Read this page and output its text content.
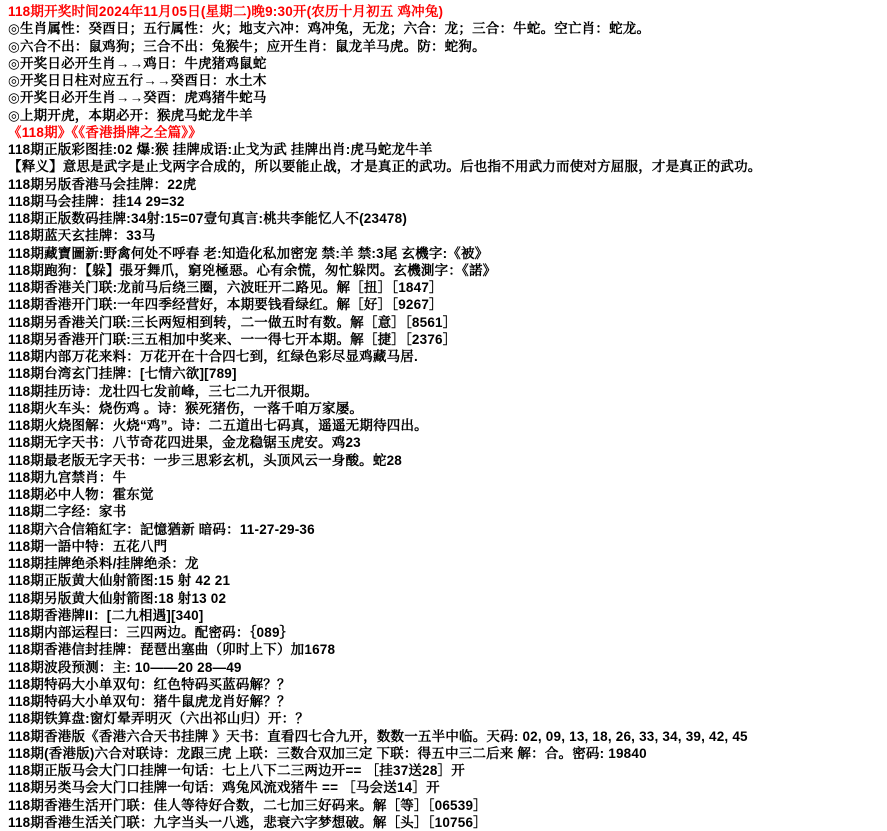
118期开奖时间2024年11月05日(星期二)晚9:30开(农历十月初五 鸡冲兔)
◎生肖属性：癸酉日；五行属性：火；地支六冲：鸡冲兔，无龙；六合：龙；三合：牛蛇。空亡肖：蛇龙。
◎六合不出：鼠鸡狗；三合不出：兔猴牛；应开生肖：鼠龙羊马虎。防：蛇狗。
◎开奖日必开生肖→→鸡日：牛虎猪鸡鼠蛇
◎开奖日日柱对应五行→→癸酉日：水土木
◎开奖日必开生肖→→癸酉：虎鸡猪牛蛇马
◎上期开虎，本期必开：猴虎马蛇龙牛羊
《118期》《《香港掛牌之全篇》》
118期正版彩图挂:02 爆:猴 挂牌成语:止戈为武 挂牌出肖:虎马蛇龙牛羊
【释义】意思是武字是止戈两字合成的，所以要能止战，才是真正的武功。后也指不用武力而使对方屈服，才是真正的武功。
118期另版香港马会挂牌：22虎
118期马会挂牌：挂14 29=32
118期正版数码挂牌:34射:15=07壹句真言:桃共李能忆人不(23478)
118期蓝天玄挂牌：33马
118期藏寶圖新:野禽何处不呼春 老:知造化私加密宠 禁:羊 禁:3尾 玄機字:《被》
118期跑狗：【躲】張牙舞爪，窮兇極惡。心有余慌，匆忙躲閃。玄機測字：《諾》
118期香港关门联:龙前马后绕三圈，六波旺开二路见。解［扭］［1847］
118期香港开门联:一年四季经营好，本期要钱看绿红。解［好］［9267］
118期另香港关门联:三长两短相到转，二一做五时有数。解［意］［8561］
118期另香港开门联:三五相加中奖来、一一得七开本期。解［捷］［2376］
118期内部万花来料：万花开在十合四七到，红绿色彩尽显鸡藏马居.
118期台湾玄门挂牌：[七情六欲][789]
118期挂历诗：龙壮四七发前峰，三七二九开很期。
118期火车头：烧伤鸡 。诗：猴死猪伤，一落千咱万家屡。
118期火烧图解：火烧“鸡”。诗：二五道出七码真，遥遥无期待四出。
118期无字天书：八节奇花四进果，金龙稳锯玉虎安。鸡23
118期最老版无字天书：一步三思彩玄机，头顶风云一身酸。蛇28
118期九宫禁肖：牛
118期必中人物：霍东觉
118期二字经：家书
118期六合信箱紅字：記憶猶新 暗码：11-27-29-36
118期一語中特：五花八門
118期挂牌绝杀料/挂牌绝杀：龙
118期正版黄大仙射箭图:15 射 42 21
118期另版黄大仙射箭图:18 射13 02
118期香港牌II：[二九相遇][340]
118期内部运程曰：三四两边。配密码：｛089｝
118期香港信封挂牌：琵琶出塞曲（卯时上下）加1678
118期波段预测：主: 10——20 28—49
118期特码大小单双句：红色特码买蓝码解？？
118期特码大小单双句：猪牛鼠虎龙肖好解？？
118期铁算盘:窗灯晕弄明灭（六出祁山归）开：？
118期香港版《香港六合天书挂牌 》天书：直看四七合九开，数数一五半中临。天码: 02, 09, 13, 18, 26, 33, 34, 39, 42, 45
118期(香港版)六合对联诗：龙跟三虎 上联：三数合双加三定 下联：得五中三二后来 解：合。密码: 19840
118期正版马会大门口挂牌一句话：七上八下二三两边开== ［挂37送28］开
118期另类马会大门口挂牌一句话：鸡兔风流戏猪牛 == ［马会送14］开
118期香港生活开门联：佳人等待好合数，二七加三好码来。解［等］［06539］
118期香港生活关门联：九字当头一八逃，悲衰六字梦想破。解［头］［10756］
